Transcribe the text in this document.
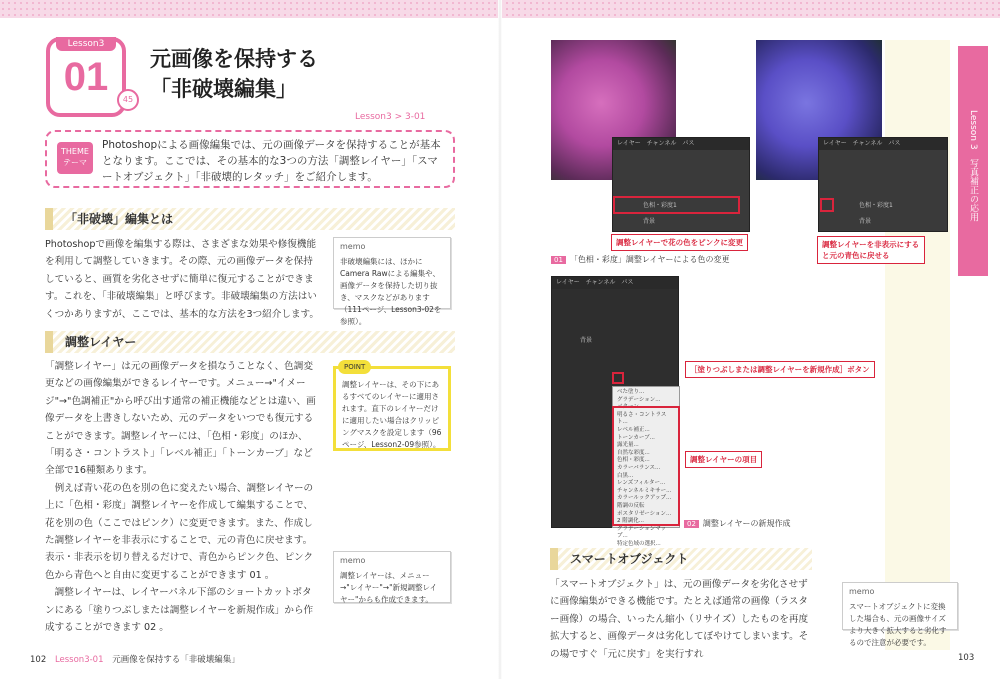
Lesson3
01
45
元画像を保持する
「非破壊編集」
Lesson3 > 3-01
THEME
テーマ
Photoshopによる画像編集では、元の画像データを保持することが基本となります。ここでは、その基本的な3つの方法「調整レイヤー」「スマートオブジェクト」「非破壊的レタッチ」をご紹介します。
「非破壊」編集とは
Photoshopで画像を編集する際は、さまざまな効果や修復機能を利用して調整していきます。その際、元の画像データを保持していると、画質を劣化させずに簡単に復元することができます。これを、「非破壊編集」と呼びます。非破壊編集の方法はいくつかありますが、ここでは、基本的な方法を3つ紹介します。
memo
非破壊編集には、ほかにCamera Rawによる編集や、画像データを保持した切り抜き、マスクなどがあります（111ページ、Lesson3-02を参照）。
調整レイヤー
「調整レイヤー」は元の画像データを損なうことなく、色調変更などの画像編集ができるレイヤーです。メニュー→"イメージ"→"色調補正"から呼び出す通常の補正機能などとは違い、画像データを上書きしないため、元のデータをいつでも復元することができます。調整レイヤーには、「色相・彩度」のほか、「明るさ・コントラスト」「レベル補正」「トーンカーブ」など全部で16種類あります。
　例えば青い花の色を別の色に変えたい場合、調整レイヤーの上に「色相・彩度」調整レイヤーを作成して編集することで、花を別の色（ここではピンク）に変更できます。また、作成した調整レイヤーを非表示にすることで、元の青色に戻せます。表示・非表示を切り替えるだけで、青色からピンク色、ピンク色から青色へと自由に変更することができます 01 。
　調整レイヤーは、レイヤーパネル下部のショートカットボタンにある「塗りつぶしまたは調整レイヤーを新規作成」から作成することができます 02 。
POINT
調整レイヤーは、その下にあるすべてのレイヤーに適用されます。直下のレイヤーだけに適用したい場合はクリッピングマスクを設定します（96ページ、Lesson2-09参照）。
memo
調整レイヤーは、メニュー→"レイヤー"→"新規調整レイヤー"からも作成できます。
102 Lesson3-01 元画像を保持する「非破壊編集」
Lesson 3　写真補正の応用
レイヤー　チャンネル　パス
色相・彩度1
背景
レイヤー　チャンネル　パス
色相・彩度1
背景
調整レイヤーで花の色をピンクに変更	調整レイヤーを非表示にすると元の青色に戻せる
01 「色相・彩度」調整レイヤーによる色の変更
レイヤー　チャンネル　パス
背景
べた塗り...
グラデーション...
パターン...
明るさ・コントラスト...
レベル補正...
トーンカーブ...
露光量...
自然な彩度...
色相・彩度...
カラーバランス...
白黒...
レンズフィルター...
チャンネルミキサー...
カラールックアップ...
階調の反転
ポスタリゼーション...
2 階調化...
グラデーションマップ...
特定色域の選択...
［塗りつぶしまたは調整レイヤーを新規作成］ボタン
調整レイヤーの項目
02 調整レイヤーの新規作成
スマートオブジェクト
「スマートオブジェクト」は、元の画像データを劣化させずに画像編集ができる機能です。たとえば通常の画像（ラスター画像）の場合、いったん縮小（リサイズ）したものを再度拡大すると、画像データは劣化してぼやけてしまいます。その場ですぐ「元に戻す」を実行すれ
memo
スマートオブジェクトに変換した場合も、元の画像サイズより大きく拡大すると劣化するので注意が必要です。
103
